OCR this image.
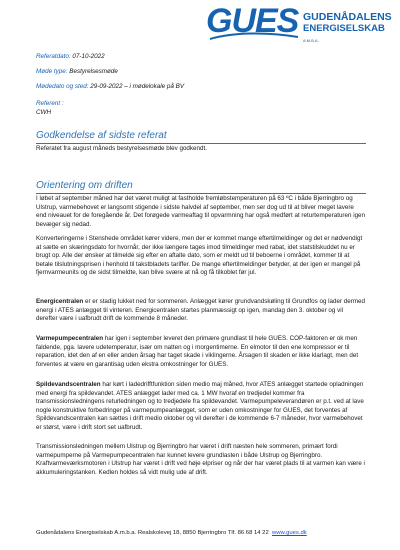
GUES GUDENÅDALENS
ENERGISELSKAB A.M.B.A.
Referatdato: 07-10-2022
Møde type: Bestyrelsesmøde
Mødedato og sted: 29-09-2022 – i mødelokale på BV
Referent :
CWH
Godkendelse af sidste referat
Referatet fra august måneds bestyrelsesmøde blev godkendt.
Orientering om driften
I løbet af september måned har det været muligt at fastholde fremløbstemperaturen på 63 ºC i både Bjerringbro og Ulstrup, varmebehovet er langsomt stigende i sidste halvdel af september, men ser dog ud til at bliver meget lavere end niveauet for de foregående år. Det forøgede varmeaftag til opvarmning har også medført at returtemperaturen igen bevæger sig nedad.
Konverteringerne i Stenshede området kører videre, men der er kommet mange eftertilmeldinger og det er nødvendigt at sætte en skæringsdato for hvornår, der ikke længere tages imod tilmeldinger med rabat, idet statstilskuddet nu er brugt op. Alle der ønsker at tilmelde sig efter en aftalte dato, som er meldt ud til beboerne i området, kommer til at betale tilslutningsprisen i henhold til takstbladets tariffer. De mange eftertilmeldinger betyder, at der igen er mangel på fjernvarmeunits og de sidst tilmeldte, kan blive svære at nå og få tilkoblet før jul.
Energicentralen er er stadig lukket ned for sommeren. Anlægget kører grundvandskøling til Grundfos og lader dermed energi i ATES anlægget til vinteren. Energicentralen startes planmæssigt op igen, mandag den 3. oktober og vil derefter være i uafbrudt drift de kommende 8 måneder.
Varmepumpecentralen har igen i september leveret den primære grundlast til hele GUES. COP-faktoren er ok men faldende, pga. lavere udetemperatur, især om natten og i morgentimerne. En elmotor til den ene kompressor er til reparation, idet den af en eller anden årsag har taget skade i viklingerne. Årsagen til skaden er ikke klarlagt, men det forventes at være en garantisag uden ekstra omkostninger for GUES.
Spildevandscentralen har kørt i ladedrifftfunktion siden medio maj måned, hvor ATES anlægget startede opladningen med energi fra spildevandet. ATES anlægget lader med ca. 1 MW hvoraf en tredjedel kommer fra transmissionsledningens returledningen og to tredjedele fra spildevandet. Varmepumpeleverandøren er p.t. ved at lave nogle konstruktive forbedringer på varmepumpeanlægget, som er uden omkostninger for GUES, det forventes af Spildevandscentralen kan sættes i drift medio oktober og vil derefter i de kommende 6-7 måneder, hvor varmebehovet er størst, være i drift stort set uafbrudt.
Transmissionsledningen mellem Ulstrup og Bjerringbro har været i drift næsten hele sommeren, primært fordi varmepumperne på Varmepumpecentralen har kunnet levere grundlasten i både Ulstrup og Bjerringbro. Kraftvarmeværksmotoren i Ulstrup har været i drift ved høje elpriser og når der har været plads til at varmen kan være i akkumuleringstanken. Kedlen holdes så vidt mulig ude af drift.
Gudenådalens Energiselskab A.m.b.a. Realskolevej 18, 8850 Bjerringbro Tlf. 86 68 14 22 www.gues.dk
